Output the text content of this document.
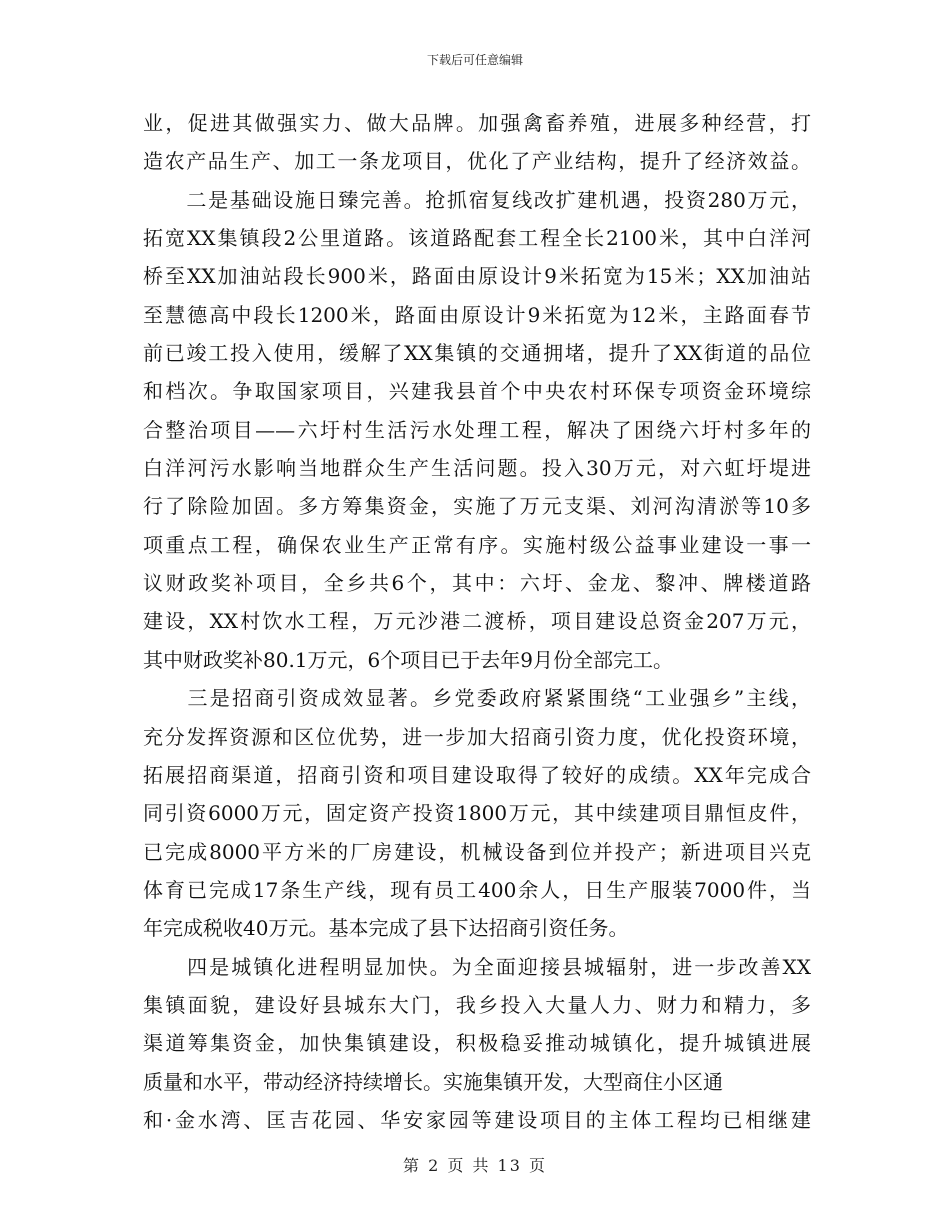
下载后可任意编辑
业，促进其做强实力、做大品牌。加强禽畜养殖，进展多种经营，打
造农产品生产、加工一条龙项目，优化了产业结构，提升了经济效益。
　　二是基础设施日臻完善。抢抓宿复线改扩建机遇，投资280万元，
拓宽XX集镇段2公里道路。该道路配套工程全长2100米，其中白洋河
桥至XX加油站段长900米，路面由原设计9米拓宽为15米；XX加油站
至慧德高中段长1200米，路面由原设计9米拓宽为12米，主路面春节
前已竣工投入使用，缓解了XX集镇的交通拥堵，提升了XX街道的品位
和档次。争取国家项目，兴建我县首个中央农村环保专项资金环境综
合整治项目——六圩村生活污水处理工程，解决了困绕六圩村多年的
白洋河污水影响当地群众生产生活问题。投入30万元，对六虹圩堤进
行了除险加固。多方筹集资金，实施了万元支渠、刘河沟清淤等10多
项重点工程，确保农业生产正常有序。实施村级公益事业建设一事一
议财政奖补项目，全乡共6个，其中：六圩、金龙、黎冲、牌楼道路
建设，XX村饮水工程，万元沙港二渡桥，项目建设总资金207万元，
其中财政奖补80.1万元，6个项目已于去年9月份全部完工。
　　三是招商引资成效显著。乡党委政府紧紧围绕“工业强乡”主线，
充分发挥资源和区位优势，进一步加大招商引资力度，优化投资环境，
拓展招商渠道，招商引资和项目建设取得了较好的成绩。XX年完成合
同引资6000万元，固定资产投资1800万元，其中续建项目鼎恒皮件，
已完成8000平方米的厂房建设，机械设备到位并投产；新进项目兴克
体育已完成17条生产线，现有员工400余人，日生产服装7000件，当
年完成税收40万元。基本完成了县下达招商引资任务。
　　四是城镇化进程明显加快。为全面迎接县城辐射，进一步改善XX
集镇面貌，建设好县城东大门，我乡投入大量人力、财力和精力，多
渠道筹集资金，加快集镇建设，积极稳妥推动城镇化，提升城镇进展
质量和水平，带动经济持续增长。实施集镇开发，大型商住小区通
和·金水湾、匡吉花园、华安家园等建设项目的主体工程均已相继建
第 2 页 共 13 页
